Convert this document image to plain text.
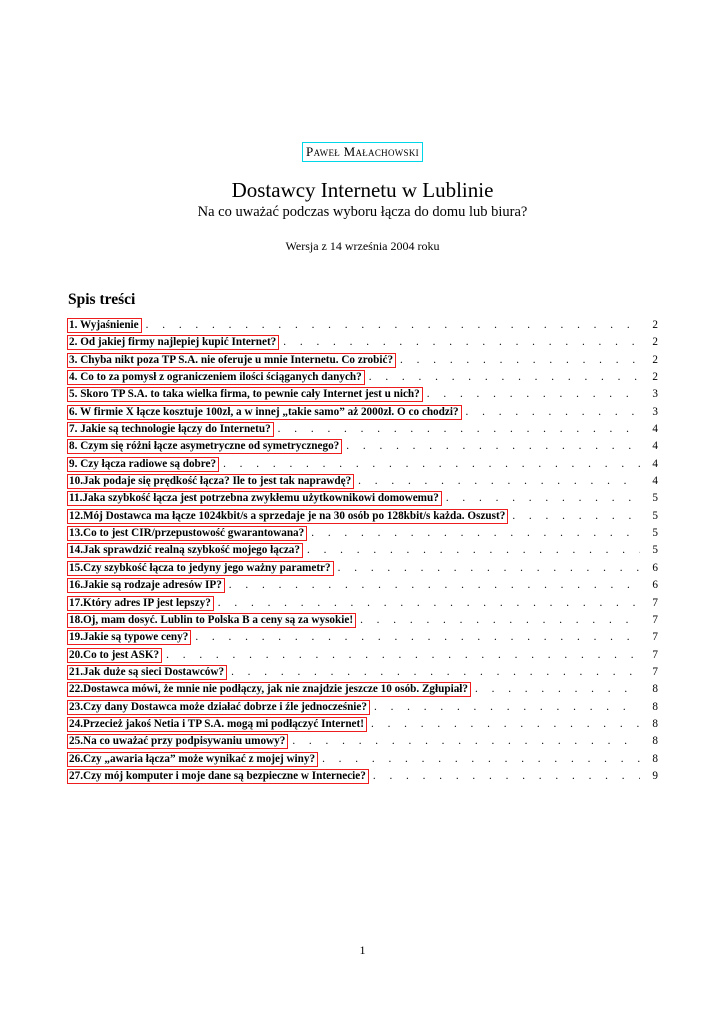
Paweł Małachowski
Dostawcy Internetu w Lublinie
Na co uważać podczas wyboru łącza do domu lub biura?
Wersja z 14 września 2004 roku
Spis treści
1. Wyjaśnienie . . .	2
2. Od jakiej firmy najlepiej kupić Internet? . . .	2
3. Chyba nikt poza TP S.A. nie oferuje u mnie Internetu. Co zrobić? . . .	2
4. Co to za pomysł z ograniczeniem ilości ściąganych danych? . . .	2
5. Skoro TP S.A. to taka wielka firma, to pewnie cały Internet jest u nich? . . .	3
6. W firmie X łącze kosztuje 100zł, a w innej „takie samo” aż 2000zł. O co chodzi? . . .	3
7. Jakie są technologie łączy do Internetu? . . .	4
8. Czym się różni łącze asymetryczne od symetrycznego? . . .	4
9. Czy łącza radiowe są dobre? . . .	4
10.Jak podaje się prędkość łącza? Ile to jest tak naprawdę? . . .	4
11.Jaka szybkość łącza jest potrzebna zwykłemu użytkownikowi domowemu? . . .	5
12.Mój Dostawca ma łącze 1024kbit/s a sprzedaje je na 30 osób po 128kbit/s każda. Oszust? . . .	5
13.Co to jest CIR/przepustowość gwarantowana? . . .	5
14.Jak sprawdzić realną szybkość mojego łącza? . . .	5
15.Czy szybkość łącza to jedyny jego ważny parametr? . . .	6
16.Jakie są rodzaje adresów IP? . . .	6
17.Który adres IP jest lepszy? . . .	7
18.Oj, mam dosyć. Lublin to Polska B a ceny są za wysokie! . . .	7
19.Jakie są typowe ceny? . . .	7
20.Co to jest ASK? . . .	7
21.Jak duże są sieci Dostawców? . . .	7
22.Dostawca mówi, że mnie nie podłączy, jak nie znajdzie jeszcze 10 osób. Zgłupiał? . . .	8
23.Czy dany Dostawca może działać dobrze i źle jednocześnie? . . .	8
24.Przecież jakoś Netia i TP S.A. mogą mi podłączyć Internet! . . .	8
25.Na co uważać przy podpisywaniu umowy? . . .	8
26.Czy „awaria łącza” może wynikać z mojej winy? . . .	8
27.Czy mój komputer i moje dane są bezpieczne w Internecie? . . .	9
1
